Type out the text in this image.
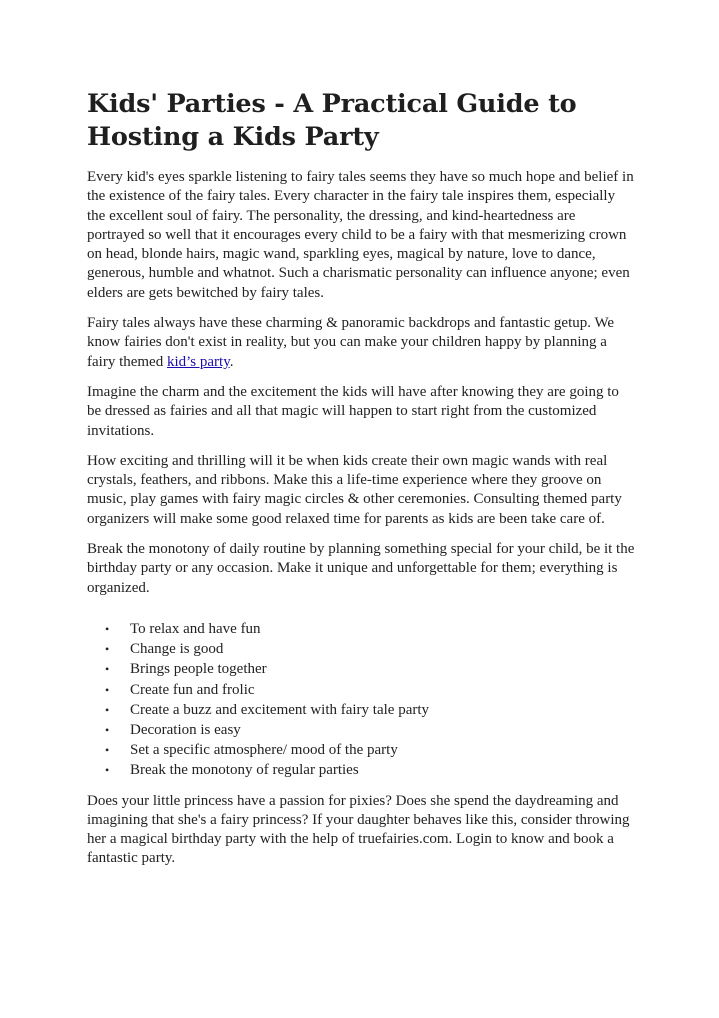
Kids' Parties - A Practical Guide to Hosting a Kids Party

Every kid's eyes sparkle listening to fairy tales seems they have so much hope and belief in the existence of the fairy tales. Every character in the fairy tale inspires them, especially the excellent soul of fairy. The personality, the dressing, and kind-heartedness are portrayed so well that it encourages every child to be a fairy with that mesmerizing crown on head, blonde hairs, magic wand, sparkling eyes, magical by nature, love to dance, generous, humble and whatnot. Such a charismatic personality can influence anyone; even elders are gets bewitched by fairy tales.

Fairy tales always have these charming & panoramic backdrops and fantastic getup. We know fairies don't exist in reality, but you can make your children happy by planning a fairy themed kid’s party.

Imagine the charm and the excitement the kids will have after knowing they are going to be dressed as fairies and all that magic will happen to start right from the customized invitations.

How exciting and thrilling will it be when kids create their own magic wands with real crystals, feathers, and ribbons. Make this a life-time experience where they groove on music, play games with fairy magic circles & other ceremonies. Consulting themed party organizers will make some good relaxed time for parents as kids are been take care of.

Break the monotony of daily routine by planning something special for your child, be it the birthday party or any occasion. Make it unique and unforgettable for them; everything is organized.

• To relax and have fun
• Change is good
• Brings people together
• Create fun and frolic
• Create a buzz and excitement with fairy tale party
• Decoration is easy
• Set a specific atmosphere/ mood of the party
• Break the monotony of regular parties

Does your little princess have a passion for pixies? Does she spend the daydreaming and imagining that she's a fairy princess? If your daughter behaves like this, consider throwing her a magical birthday party with the help of truefairies.com. Login to know and book a fantastic party.
